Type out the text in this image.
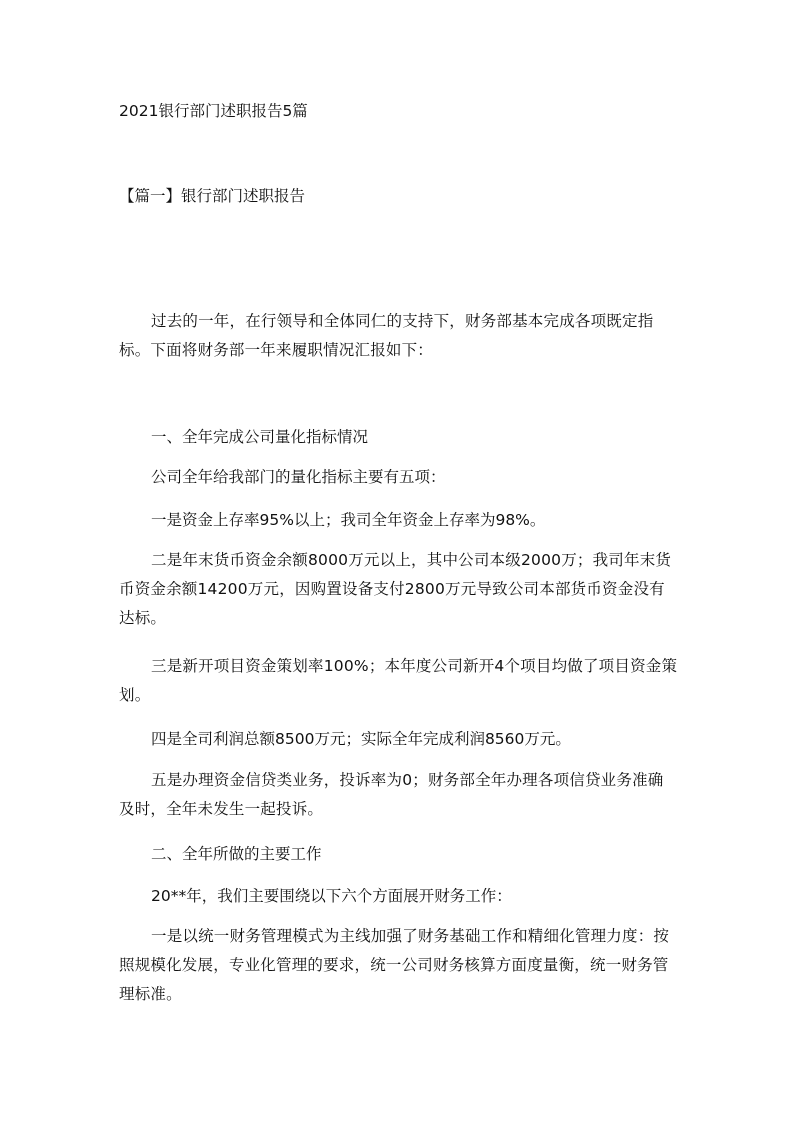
2021银行部门述职报告5篇
【篇一】银行部门述职报告
过去的一年，在行领导和全体同仁的支持下，财务部基本完成各项既定指标。下面将财务部一年来履职情况汇报如下：
一、全年完成公司量化指标情况
公司全年给我部门的量化指标主要有五项：
一是资金上存率95%以上；我司全年资金上存率为98%。
二是年末货币资金余额8000万元以上，其中公司本级2000万；我司年末货币资金余额14200万元，因购置设备支付2800万元导致公司本部货币资金没有达标。
三是新开项目资金策划率100%；本年度公司新开4个项目均做了项目资金策划。
四是全司利润总额8500万元；实际全年完成利润8560万元。
五是办理资金信贷类业务，投诉率为0；财务部全年办理各项信贷业务准确及时，全年未发生一起投诉。
二、全年所做的主要工作
20**年，我们主要围绕以下六个方面展开财务工作：
一是以统一财务管理模式为主线加强了财务基础工作和精细化管理力度：按照规模化发展，专业化管理的要求，统一公司财务核算方面度量衡，统一财务管理标准。
